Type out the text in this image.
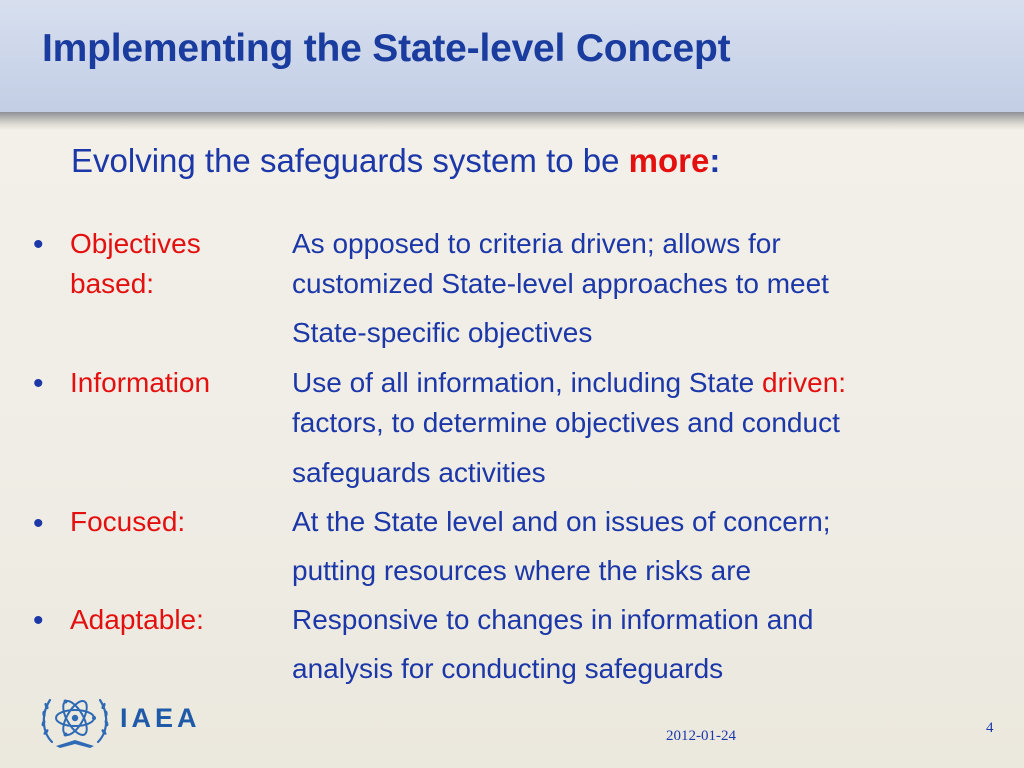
Implementing the State-level Concept

Evolving the safeguards system to be more:

• Objectives
based:
As opposed to criteria driven; allows for
customized State-level approaches to meet
State-specific objectives
• Information	Use of all information, including State driven:
factors, to determine objectives and conduct
safeguards activities
• Focused:	At the State level and on issues of concern;
putting resources where the risks are
• Adaptable:	Responsive to changes in information and
analysis for conducting safeguards
IAEA
2012-01-24	4
